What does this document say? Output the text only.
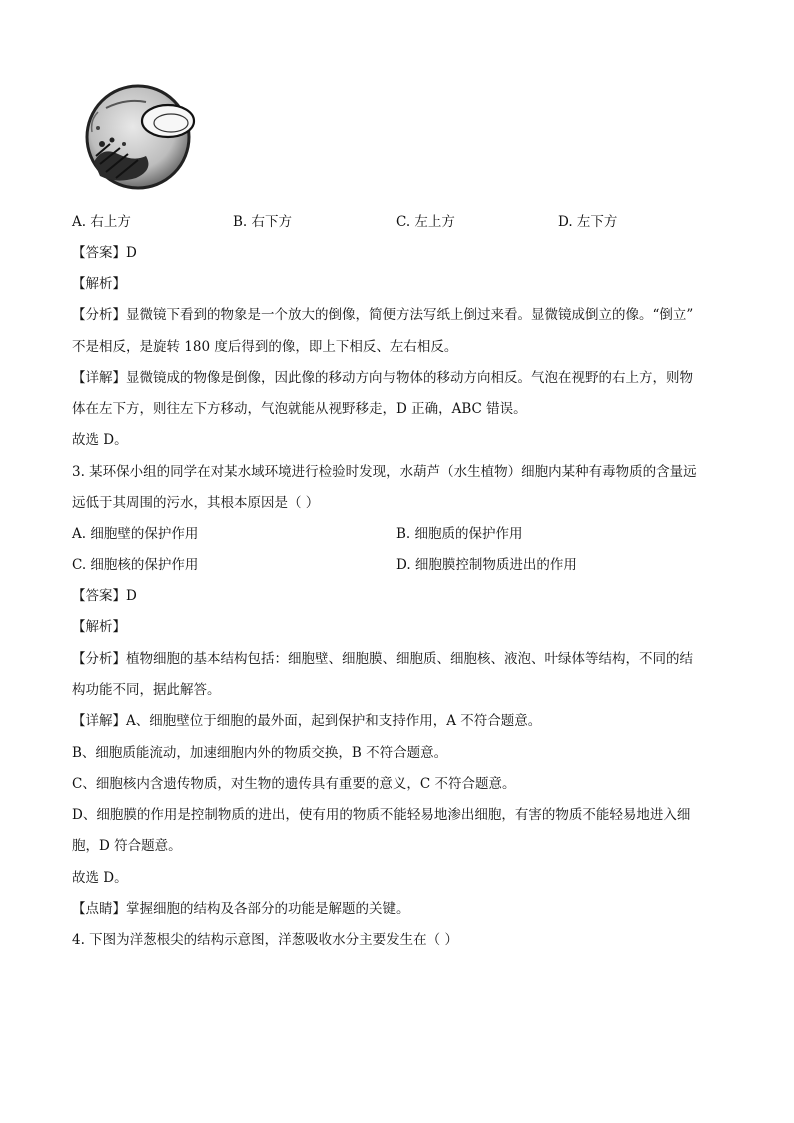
A. 右上方	B. 右下方	C. 左上方	D. 左下方
【答案】D
【解析】
【分析】显微镜下看到的物象是一个放大的倒像，简便方法写纸上倒过来看。显微镜成倒立的像。“倒立”
不是相反，是旋转 180 度后得到的像，即上下相反、左右相反。
【详解】显微镜成的物像是倒像，因此像的移动方向与物体的移动方向相反。气泡在视野的右上方，则物
体在左下方，则往左下方移动，气泡就能从视野移走，D 正确，ABC 错误。
故选 D。
3. 某环保小组的同学在对某水域环境进行检验时发现，水葫芦（水生植物）细胞内某种有毒物质的含量远
远低于其周围的污水，其根本原因是（ ）
A. 细胞壁的保护作用	B. 细胞质的保护作用
C. 细胞核的保护作用	D. 细胞膜控制物质进出的作用
【答案】D
【解析】
【分析】植物细胞的基本结构包括：细胞壁、细胞膜、细胞质、细胞核、液泡、叶绿体等结构，不同的结
构功能不同，据此解答。
【详解】A、细胞壁位于细胞的最外面，起到保护和支持作用，A 不符合题意。
B、细胞质能流动，加速细胞内外的物质交换，B 不符合题意。
C、细胞核内含遗传物质，对生物的遗传具有重要的意义，C 不符合题意。
D、细胞膜的作用是控制物质的进出，使有用的物质不能轻易地渗出细胞，有害的物质不能轻易地进入细
胞，D 符合题意。
故选 D。
【点睛】掌握细胞的结构及各部分的功能是解题的关键。
4. 下图为洋葱根尖的结构示意图，洋葱吸收水分主要发生在（ ）
